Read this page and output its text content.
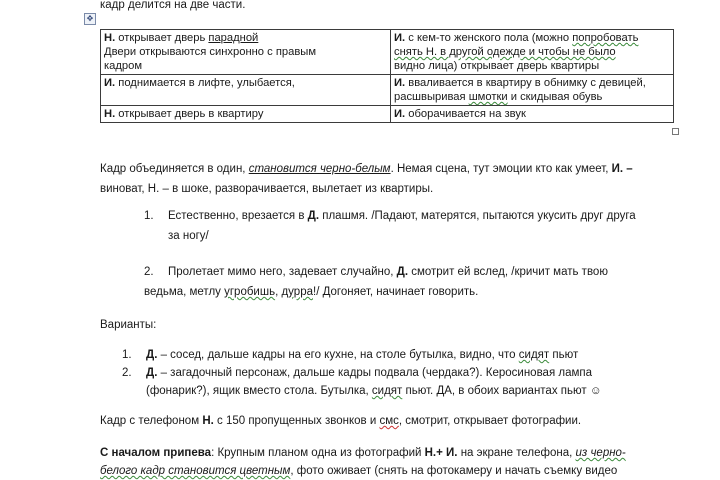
кадр делится на две части.
✥
Н. открывает дверь парадной
Двери открываются синхронно с правым
кадром	И. с кем-то женского пола (можно попробовать
снять Н. в другой одежде и чтобы не было
видно лица) открывает дверь квартиры
И. поднимается в лифте, улыбается,	И. вваливается в квартиру в обнимку с девицей,
расшвыривая шмотки и скидывая обувь
Н. открывает дверь в квартиру	И. оборачивается на звук
Кадр объединяется в один, становится черно-белым. Немая сцена, тут эмоции кто как умеет, И. –
виноват, Н. – в шоке, разворачивается, вылетает из квартиры.
1. Естественно, врезается в Д. плашмя. /Падают, матерятся, пытаются укусить друг друга
за ногу/
2. Пролетает мимо него, задевает случайно, Д. смотрит ей вслед, /кричит мать твою
ведьма, метлу угробишь, дурра!/ Догоняет, начинает говорить.
Варианты:
1. Д. – сосед, дальше кадры на его кухне, на столе бутылка, видно, что сидят пьют
2. Д. – загадочный персонаж, дальше кадры подвала (чердака?). Керосиновая лампа
(фонарик?), ящик вместо стола. Бутылка, сидят пьют. ДА, в обоих вариантах пьют ☺
Кадр с телефоном Н. с 150 пропущенных звонков и смс, смотрит, открывает фотографии.
С началом припева: Крупным планом одна из фотографий Н.+ И. на экране телефона, из черно-
белого кадр становится цветным, фото оживает (снять на фотокамеру и начать съемку видео
